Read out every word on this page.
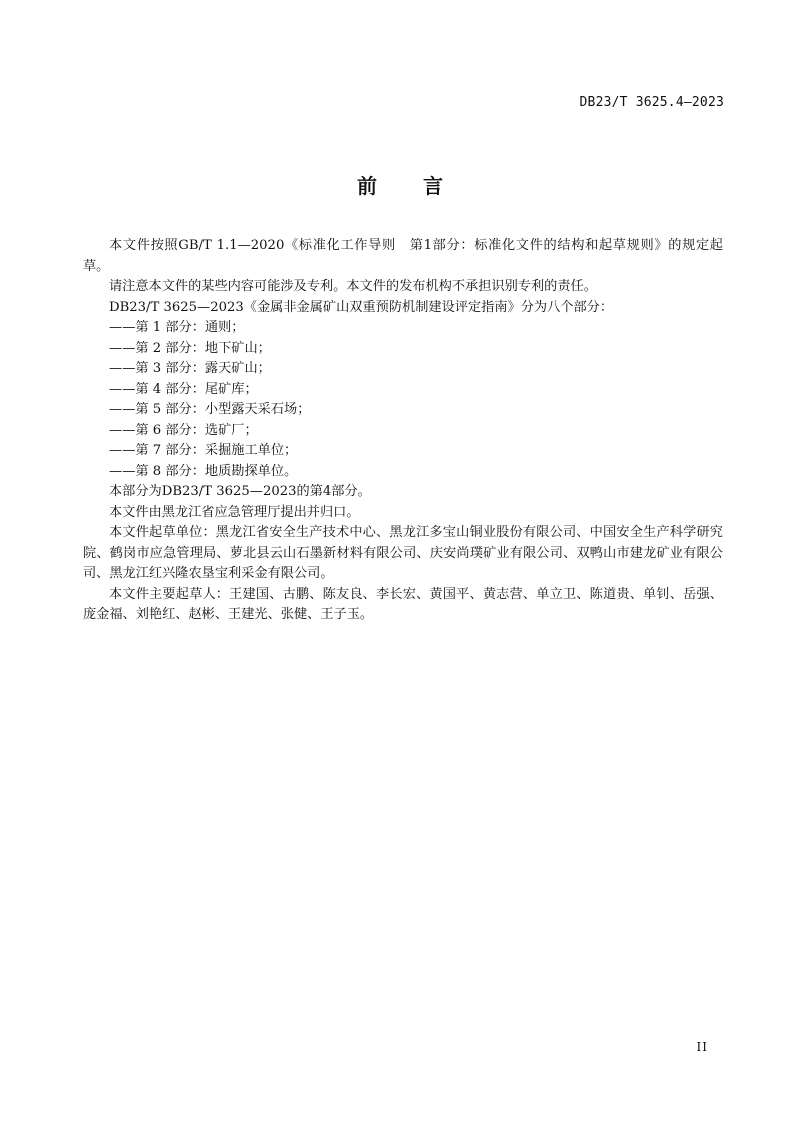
DB23/T 3625.4—2023
前言

本文件按照GB/T 1.1—2020《标准化工作导则　第1部分：标准化文件的结构和起草规则》的规定起草。

请注意本文件的某些内容可能涉及专利。本文件的发布机构不承担识别专利的责任。

DB23/T 3625—2023《金属非金属矿山双重预防机制建设评定指南》分为八个部分：

——第 1 部分：通则；

——第 2 部分：地下矿山；

——第 3 部分：露天矿山；

——第 4 部分：尾矿库；

——第 5 部分：小型露天采石场；

——第 6 部分：选矿厂；

——第 7 部分：采掘施工单位；

——第 8 部分：地质勘探单位。

本部分为DB23/T 3625—2023的第4部分。

本文件由黑龙江省应急管理厅提出并归口。

本文件起草单位：黑龙江省安全生产技术中心、黑龙江多宝山铜业股份有限公司、中国安全生产科学研究院、鹤岗市应急管理局、萝北县云山石墨新材料有限公司、庆安尚璞矿业有限公司、双鸭山市建龙矿业有限公司、黑龙江红兴隆农垦宝利采金有限公司。

本文件主要起草人：王建国、古鹏、陈友良、李长宏、黄国平、黄志营、单立卫、陈道贵、单钊、岳强、庞金福、刘艳红、赵彬、王建光、张健、王子玉。

II
